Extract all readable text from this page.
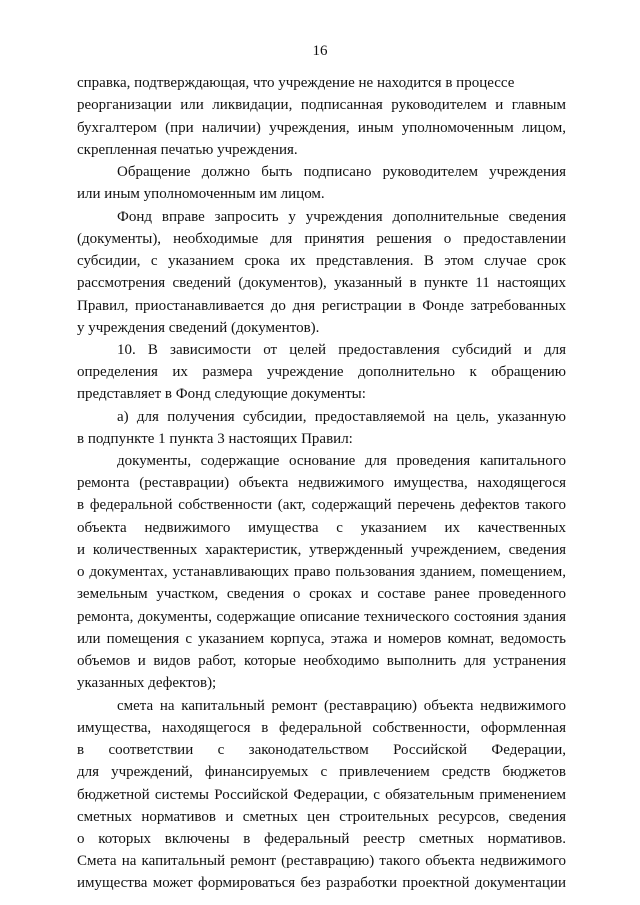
16
справка, подтверждающая, что учреждение не находится в процессе
реорганизации или ликвидации, подписанная руководителем и главным
бухгалтером (при наличии) учреждения, иным уполномоченным лицом,
скрепленная печатью учреждения.
Обращение должно быть подписано руководителем учреждения
или иным уполномоченным им лицом.
Фонд вправе запросить у учреждения дополнительные сведения
(документы), необходимые для принятия решения о предоставлении
субсидии, с указанием срока их представления. В этом случае срок
рассмотрения сведений (документов), указанный в пункте 11 настоящих
Правил, приостанавливается до дня регистрации в Фонде затребованных
у учреждения сведений (документов).
10. В зависимости от целей предоставления субсидий и для
определения их размера учреждение дополнительно к обращению
представляет в Фонд следующие документы:
а) для получения субсидии, предоставляемой на цель, указанную
в подпункте 1 пункта 3 настоящих Правил:
документы, содержащие основание для проведения капитального
ремонта (реставрации) объекта недвижимого имущества, находящегося
в федеральной собственности (акт, содержащий перечень дефектов такого
объекта недвижимого имущества с указанием их качественных
и количественных характеристик, утвержденный учреждением, сведения
о документах, устанавливающих право пользования зданием, помещением,
земельным участком, сведения о сроках и составе ранее проведенного
ремонта, документы, содержащие описание технического состояния здания
или помещения с указанием корпуса, этажа и номеров комнат, ведомость
объемов и видов работ, которые необходимо выполнить для устранения
указанных дефектов);
смета на капитальный ремонт (реставрацию) объекта недвижимого
имущества, находящегося в федеральной собственности, оформленная
в соответствии с законодательством Российской Федерации,
для учреждений, финансируемых с привлечением средств бюджетов
бюджетной системы Российской Федерации, с обязательным применением
сметных нормативов и сметных цен строительных ресурсов, сведения
о которых включены в федеральный реестр сметных нормативов.
Смета на капитальный ремонт (реставрацию) такого объекта недвижимого
имущества может формироваться без разработки проектной документации
